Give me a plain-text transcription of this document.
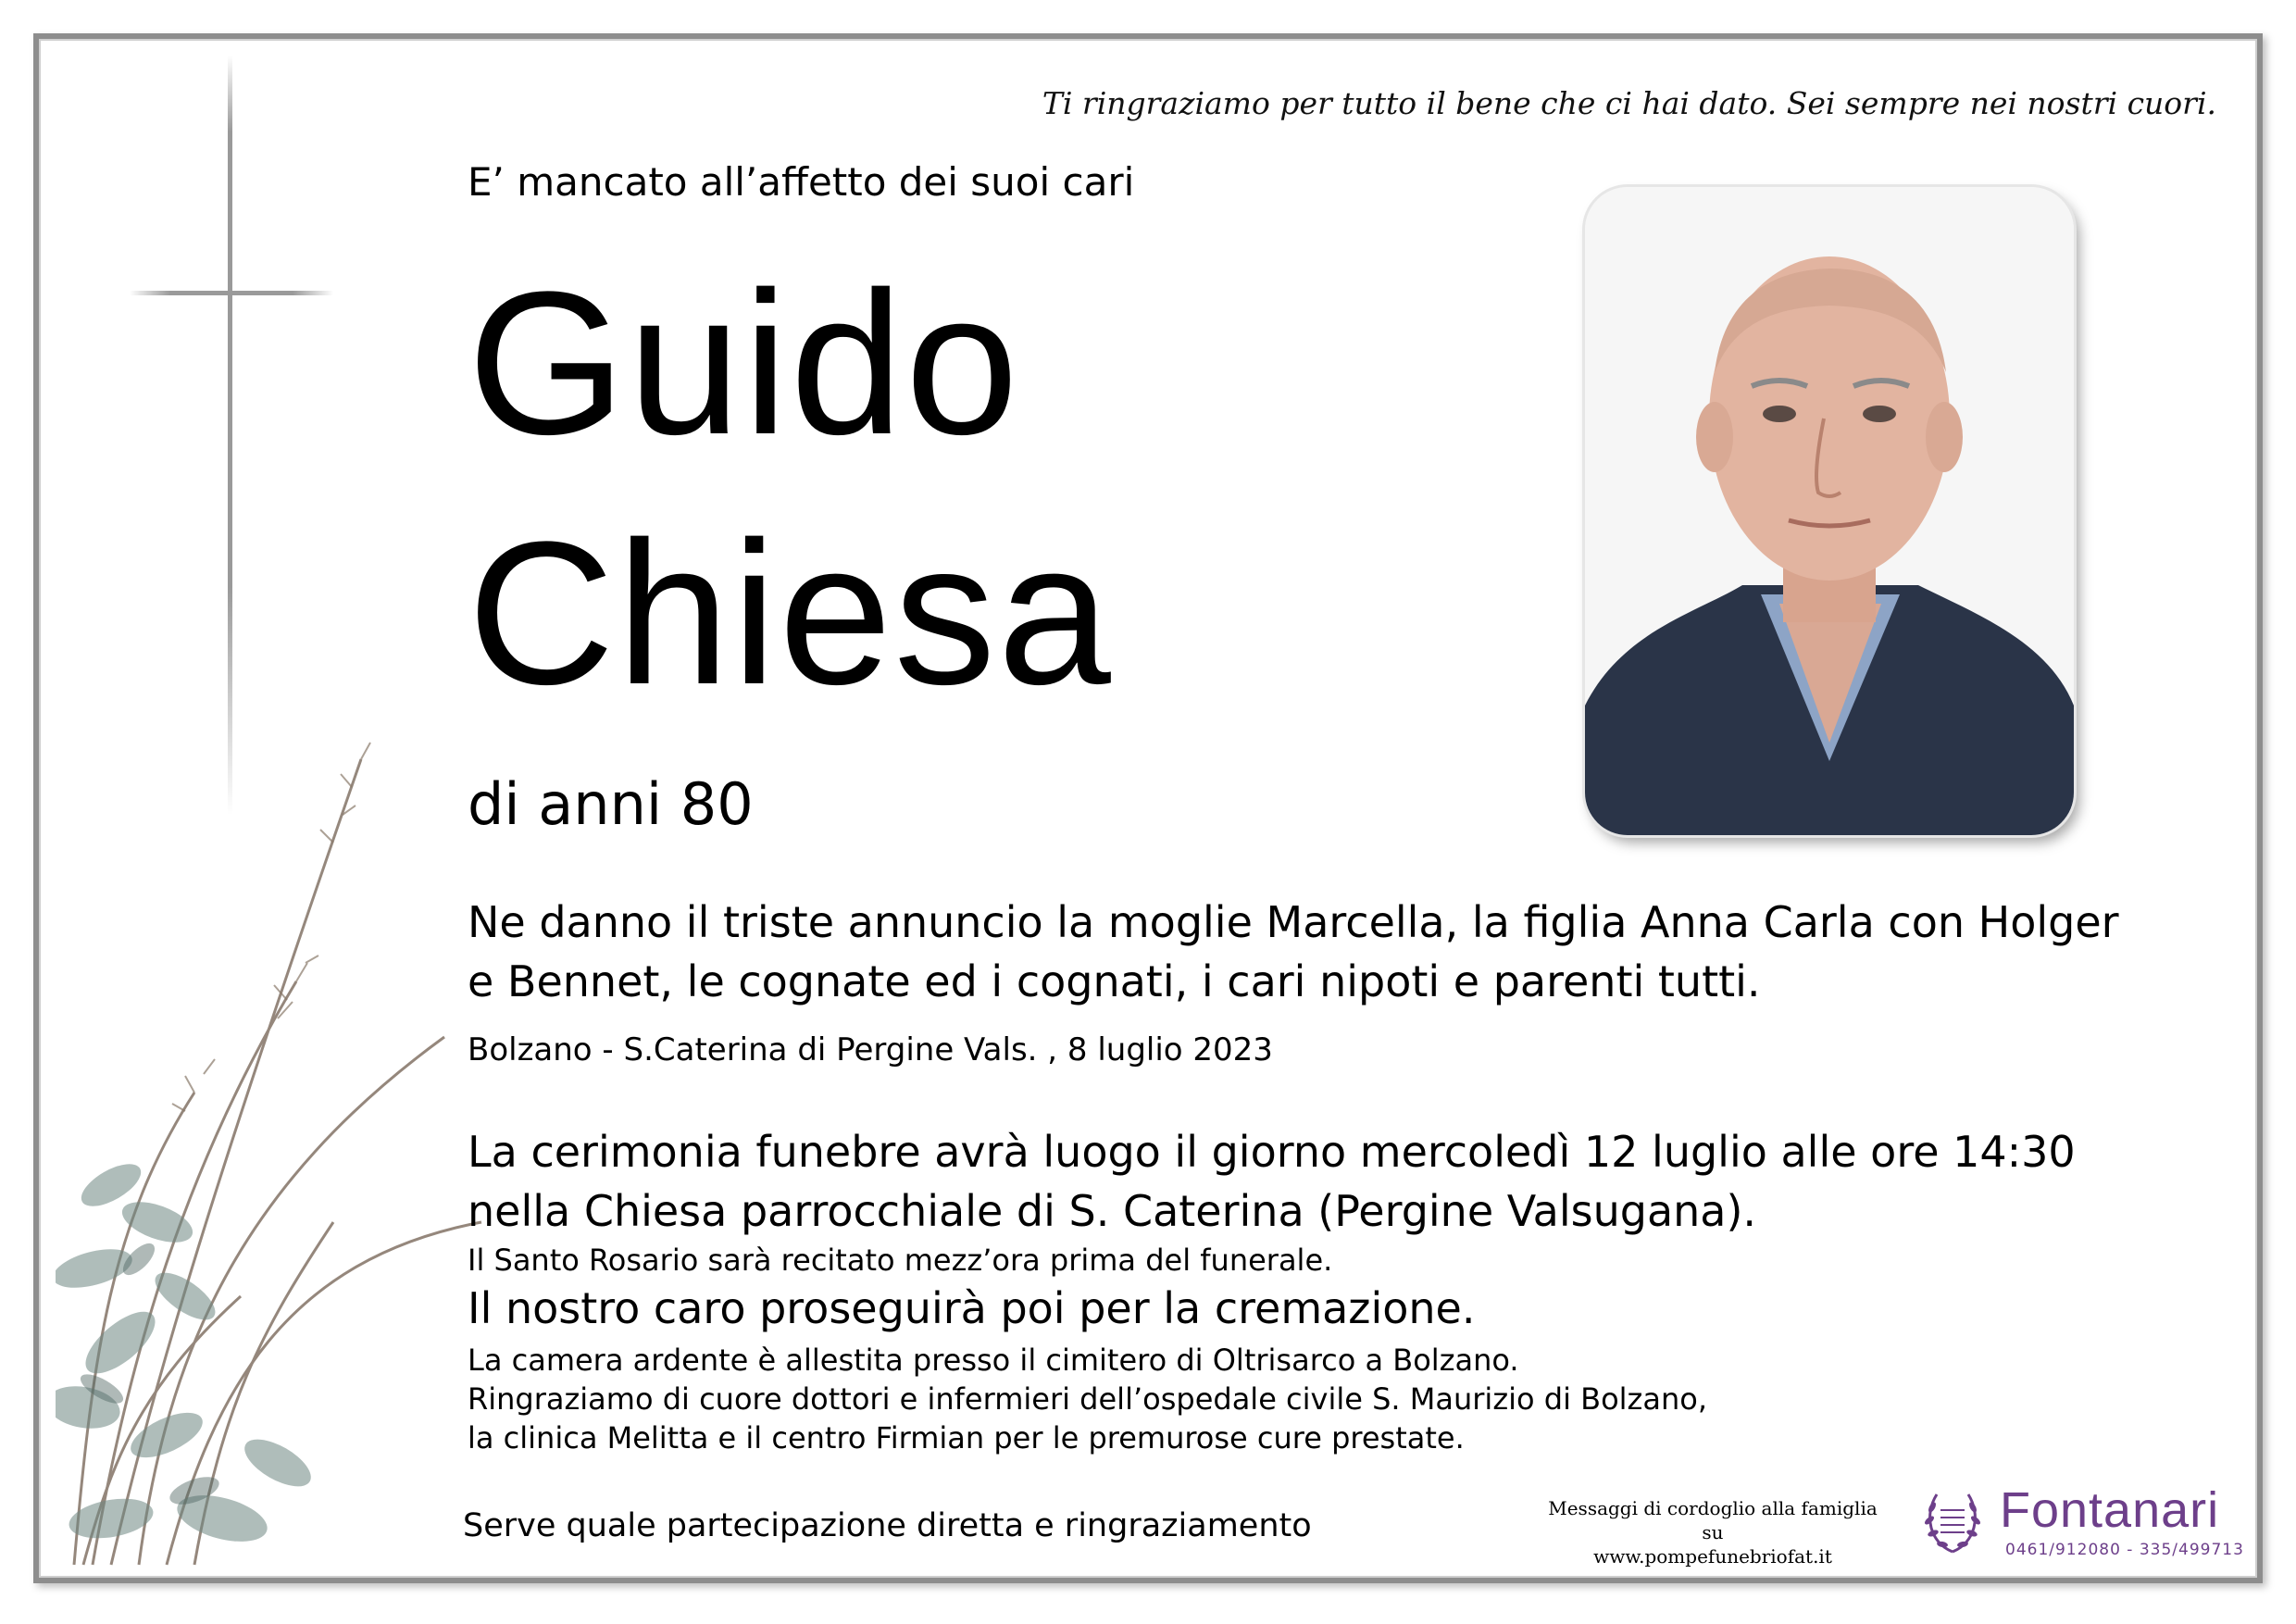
Ti ringraziamo per tutto il bene che ci hai dato. Sei sempre nei nostri cuori.
E’ mancato all’affetto dei suoi cari
Guido
Chiesa
di anni 80
Ne danno il triste annuncio la moglie Marcella, la figlia Anna Carla con Holger
e Bennet, le cognate ed i cognati, i cari nipoti e parenti tutti.
Bolzano - S.Caterina di Pergine Vals. , 8 luglio 2023
La cerimonia funebre avrà luogo il giorno mercoledì 12 luglio alle ore 14:30
nella Chiesa parrocchiale di S. Caterina (Pergine Valsugana).
Il Santo Rosario sarà recitato mezz’ora prima del funerale.
Il nostro caro proseguirà poi per la cremazione.
La camera ardente è allestita presso il cimitero di Oltrisarco a Bolzano.
Ringraziamo di cuore dottori e infermieri dell’ospedale civile S. Maurizio di Bolzano,
la clinica Melitta e il centro Firmian per le premurose cure prestate.
Serve quale partecipazione diretta e ringraziamento	Messaggi di cordoglio alla famiglia su
www.pompefunebriofat.it
Fontanari
0461/912080 - 335/499713
